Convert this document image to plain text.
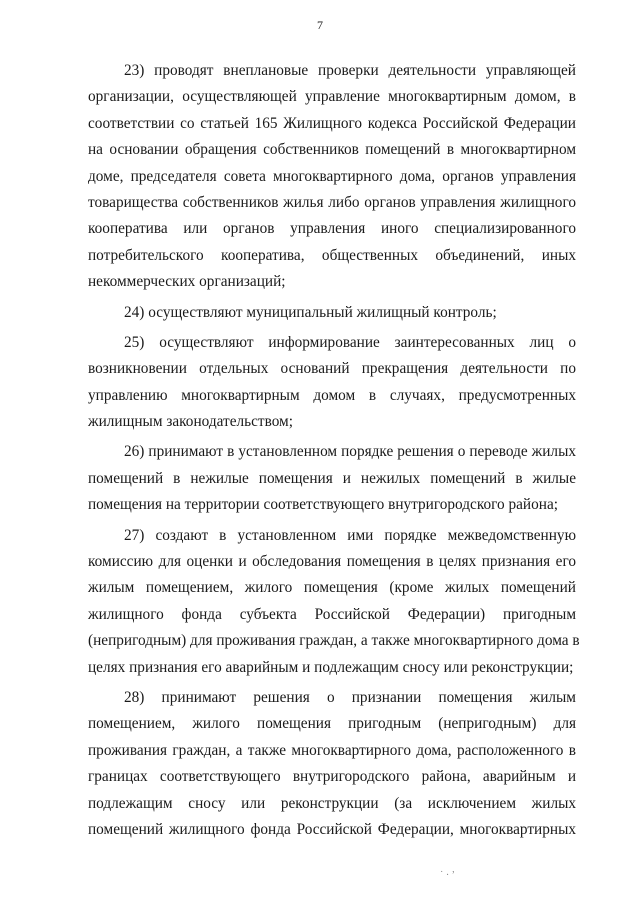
7
23) проводят внеплановые проверки деятельности управляющей
организации, осуществляющей управление многоквартирным домом, в
соответствии со статьей 165 Жилищного кодекса Российской Федерации
на основании обращения собственников помещений в многоквартирном
доме, председателя совета многоквартирного дома, органов управления
товарищества собственников жилья либо органов управления жилищного
кооператива или органов управления иного специализированного
потребительского кооператива, общественных объединений, иных
некоммерческих организаций;
24) осуществляют муниципальный жилищный контроль;
25) осуществляют информирование заинтересованных лиц о
возникновении отдельных оснований прекращения деятельности по
управлению многоквартирным домом в случаях, предусмотренных
жилищным законодательством;
26) принимают в установленном порядке решения о переводе жилых
помещений в нежилые помещения и нежилых помещений в жилые
помещения на территории соответствующего внутригородского района;
27) создают в установленном ими порядке межведомственную
комиссию для оценки и обследования помещения в целях признания его
жилым помещением, жилого помещения (кроме жилых помещений
жилищного фонда субъекта Российской Федерации) пригодным
(непригодным) для проживания граждан, а также многоквартирного дома в
целях признания его аварийным и подлежащим сносу или реконструкции;
28) принимают решения о признании помещения жилым
помещением, жилого помещения пригодным (непригодным) для
проживания граждан, а также многоквартирного дома, расположенного в
границах соответствующего внутригородского района, аварийным и
подлежащим сносу или реконструкции (за исключением жилых
помещений жилищного фонда Российской Федерации, многоквартирных
˙ · ʼ
